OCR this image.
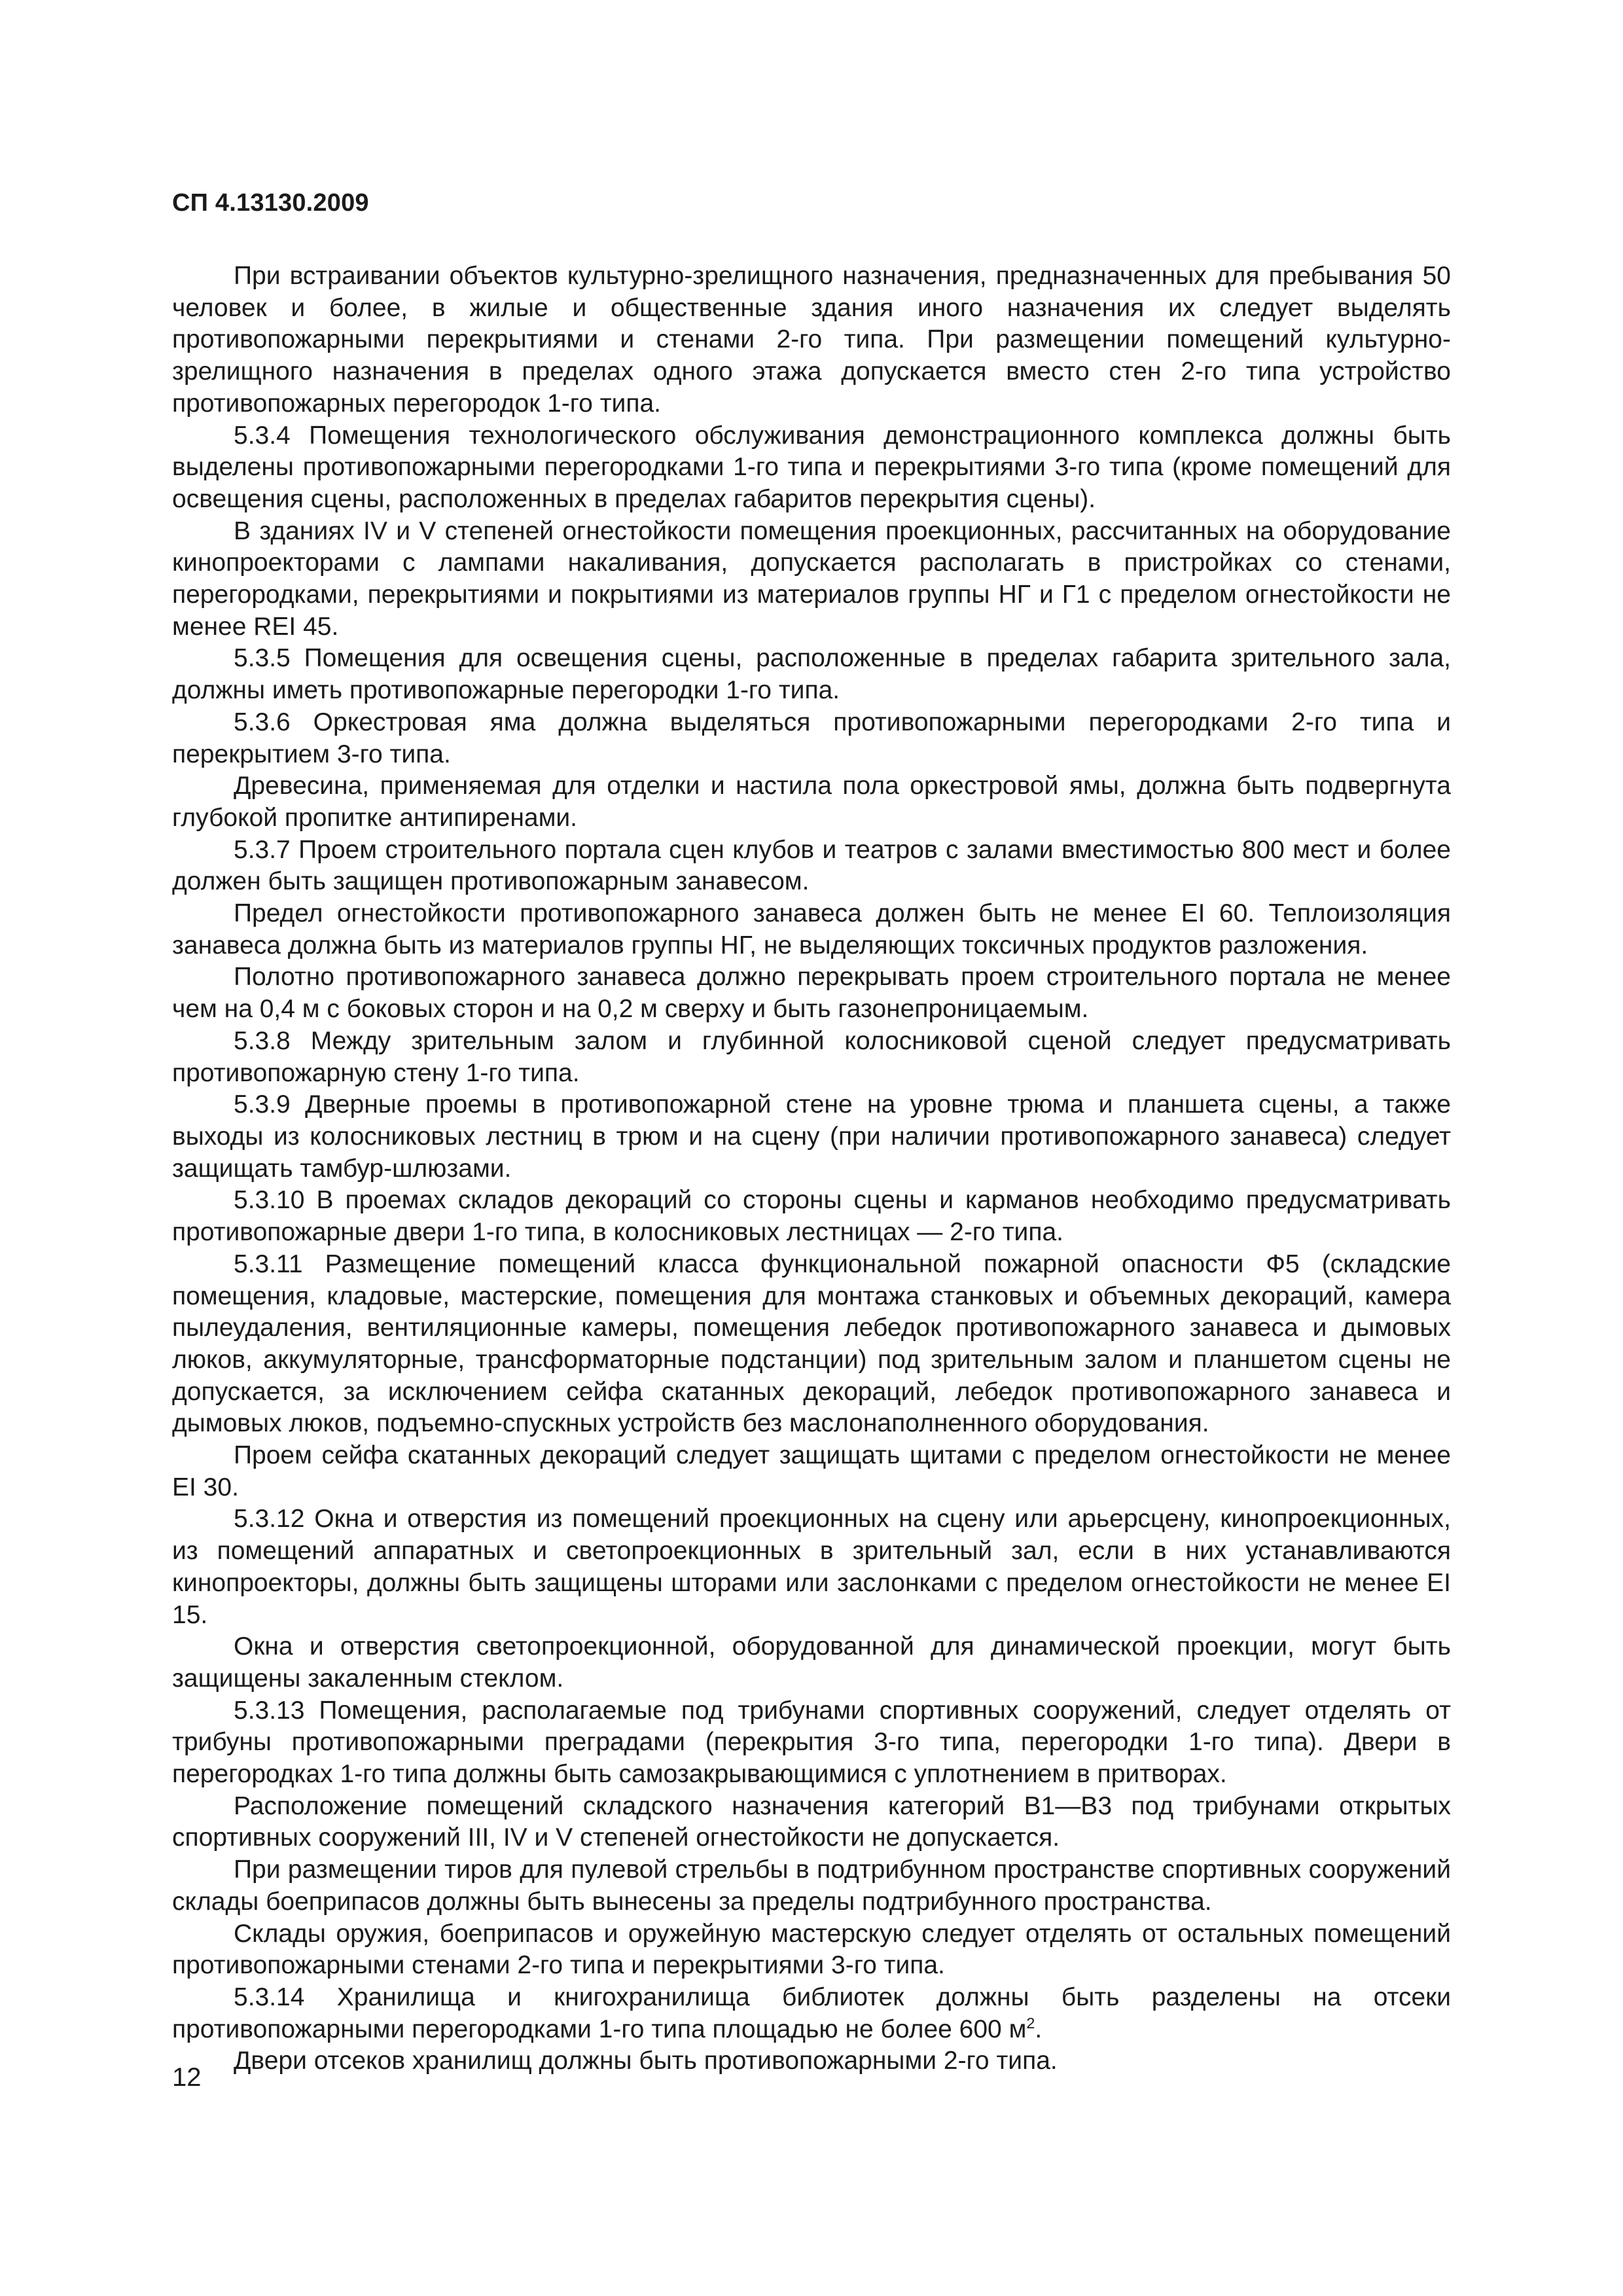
СП 4.13130.2009

При встраивании объектов культурно-зрелищного назначения, предназначенных для пребывания 50 человек и более, в жилые и общественные здания иного назначения их следует выделять противопожарными перекрытиями и стенами 2-го типа. При размещении помещений культурно-зрелищного назначения в пределах одного этажа допускается вместо стен 2-го типа устройство противопожарных перегородок 1-го типа.

5.3.4 Помещения технологического обслуживания демонстрационного комплекса должны быть выделены противопожарными перегородками 1-го типа и перекрытиями 3-го типа (кроме помещений для освещения сцены, расположенных в пределах габаритов перекрытия сцены).

В зданиях IV и V степеней огнестойкости помещения проекционных, рассчитанных на оборудование кинопроекторами с лампами накаливания, допускается располагать в пристройках со стенами, перегородками, перекрытиями и покрытиями из материалов группы НГ и Г1 с пределом огнестойкости не менее REI 45.

5.3.5 Помещения для освещения сцены, расположенные в пределах габарита зрительного зала, должны иметь противопожарные перегородки 1-го типа.

5.3.6 Оркестровая яма должна выделяться противопожарными перегородками 2-го типа и перекрытием 3-го типа.

Древесина, применяемая для отделки и настила пола оркестровой ямы, должна быть подвергнута глубокой пропитке антипиренами.

5.3.7 Проем строительного портала сцен клубов и театров с залами вместимостью 800 мест и более должен быть защищен противопожарным занавесом.

Предел огнестойкости противопожарного занавеса должен быть не менее EI 60. Теплоизоляция занавеса должна быть из материалов группы НГ, не выделяющих токсичных продуктов разложения.

Полотно противопожарного занавеса должно перекрывать проем строительного портала не менее чем на 0,4 м с боковых сторон и на 0,2 м сверху и быть газонепроницаемым.

5.3.8 Между зрительным залом и глубинной колосниковой сценой следует предусматривать противопожарную стену 1-го типа.

5.3.9 Дверные проемы в противопожарной стене на уровне трюма и планшета сцены, а также выходы из колосниковых лестниц в трюм и на сцену (при наличии противопожарного занавеса) следует защищать тамбур-шлюзами.

5.3.10 В проемах складов декораций со стороны сцены и карманов необходимо предусматривать противопожарные двери 1-го типа, в колосниковых лестницах — 2-го типа.

5.3.11 Размещение помещений класса функциональной пожарной опасности Ф5 (складские помещения, кладовые, мастерские, помещения для монтажа станковых и объемных декораций, камера пылеудаления, вентиляционные камеры, помещения лебедок противопожарного занавеса и дымовых люков, аккумуляторные, трансформаторные подстанции) под зрительным залом и планшетом сцены не допускается, за исключением сейфа скатанных декораций, лебедок противопожарного занавеса и дымовых люков, подъемно-спускных устройств без маслонаполненного оборудования.

Проем сейфа скатанных декораций следует защищать щитами с пределом огнестойкости не менее EI 30.

5.3.12 Окна и отверстия из помещений проекционных на сцену или арьерсцену, кинопроекционных, из помещений аппаратных и светопроекционных в зрительный зал, если в них устанавливаются кинопроекторы, должны быть защищены шторами или заслонками с пределом огнестойкости не менее EI 15.

Окна и отверстия светопроекционной, оборудованной для динамической проекции, могут быть защищены закаленным стеклом.

5.3.13 Помещения, располагаемые под трибунами спортивных сооружений, следует отделять от трибуны противопожарными преградами (перекрытия 3-го типа, перегородки 1-го типа). Двери в перегородках 1-го типа должны быть самозакрывающимися с уплотнением в притворах.

Расположение помещений складского назначения категорий В1—В3 под трибунами открытых спортивных сооружений III, IV и V степеней огнестойкости не допускается.

При размещении тиров для пулевой стрельбы в подтрибунном пространстве спортивных сооружений склады боеприпасов должны быть вынесены за пределы подтрибунного пространства.

Склады оружия, боеприпасов и оружейную мастерскую следует отделять от остальных помещений противопожарными стенами 2-го типа и перекрытиями 3-го типа.

5.3.14 Хранилища и книгохранилища библиотек должны быть разделены на отсеки противопожарными перегородками 1-го типа площадью не более 600 $м^2$.

Двери отсеков хранилищ должны быть противопожарными 2-го типа.

12
